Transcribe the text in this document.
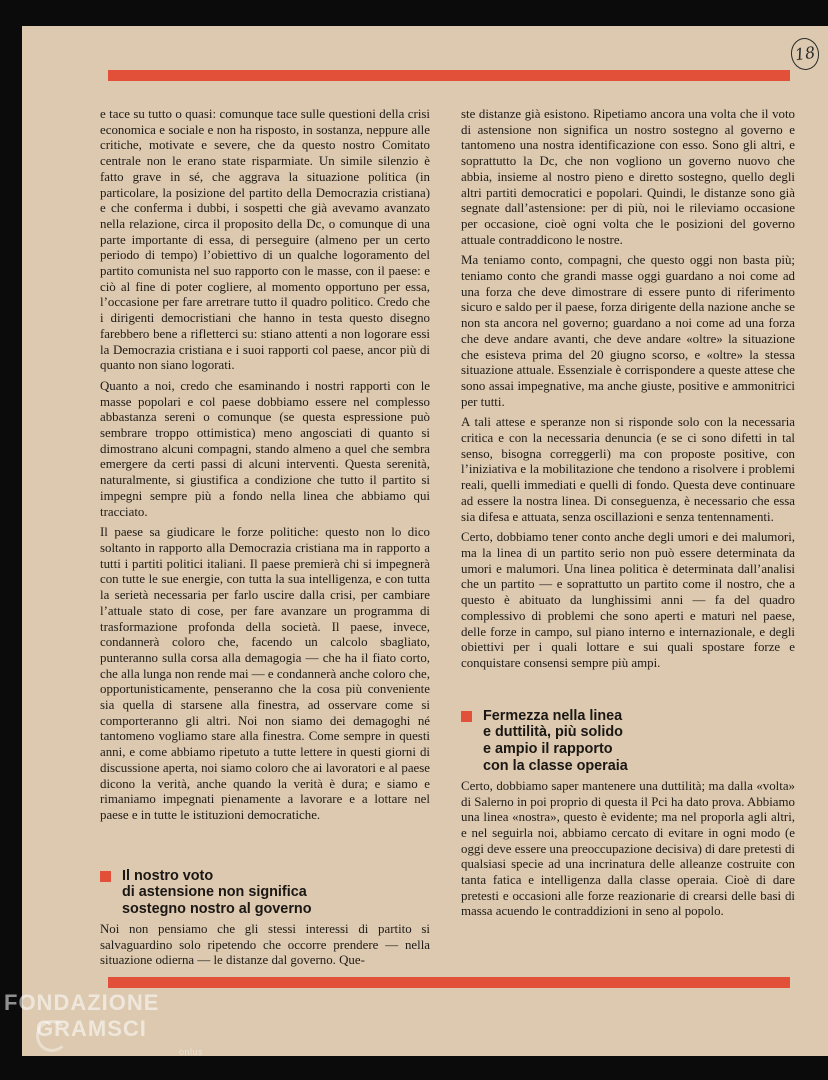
18

e tace su tutto o quasi: comunque tace sulle questioni della crisi economica e sociale e non ha risposto, in sostanza, neppure alle critiche, motivate e severe, che da questo nostro Comitato centrale non le erano state risparmiate. Un simile silenzio è fatto grave in sé, che aggrava la situazione politica (in particolare, la posizione del partito della Democrazia cristiana) e che conferma i dubbi, i sospetti che già avevamo avanzato nella relazione, circa il proposito della Dc, o comunque di una parte importante di essa, di perseguire (almeno per un certo periodo di tempo) l’obiettivo di un qualche logoramento del partito comunista nel suo rapporto con le masse, con il paese: e ciò al fine di poter cogliere, al momento opportuno per essa, l’occasione per fare arretrare tutto il quadro politico. Credo che i dirigenti democristiani che hanno in testa questo disegno farebbero bene a rifletterci su: stiano attenti a non logorare essi la Democrazia cristiana e i suoi rapporti col paese, ancor più di quanto non siano logorati.

Quanto a noi, credo che esaminando i nostri rapporti con le masse popolari e col paese dobbiamo essere nel complesso abbastanza sereni o comunque (se questa espressione può sembrare troppo ottimistica) meno angosciati di quanto si dimostrano alcuni compagni, stando almeno a quel che sembra emergere da certi passi di alcuni interventi. Questa serenità, naturalmente, si giustifica a condizione che tutto il partito si impegni sempre più a fondo nella linea che abbiamo qui tracciato.

Il paese sa giudicare le forze politiche: questo non lo dico soltanto in rapporto alla Democrazia cristiana ma in rapporto a tutti i partiti politici italiani. Il paese premierà chi si impegnerà con tutte le sue energie, con tutta la sua intelligenza, e con tutta la serietà necessaria per farlo uscire dalla crisi, per cambiare l’attuale stato di cose, per fare avanzare un programma di trasformazione profonda della società. Il paese, invece, condannerà coloro che, facendo un calcolo sbagliato, punteranno sulla corsa alla demagogia — che ha il fiato corto, che alla lunga non rende mai — e condannerà anche coloro che, opportunisticamente, penseranno che la cosa più conveniente sia quella di starsene alla finestra, ad osservare come si comporteranno gli altri. Noi non siamo dei demagoghi né tantomeno vogliamo stare alla finestra. Come sempre in questi anni, e come abbiamo ripetuto a tutte lettere in questi giorni di discussione aperta, noi siamo coloro che ai lavoratori e al paese dicono la verità, anche quando la verità è dura; e siamo e rimaniamo impegnati pienamente a lavorare e a lottare nel paese e in tutte le istituzioni democratiche.

Il nostro voto
di astensione non significa
sostegno nostro al governo

Noi non pensiamo che gli stessi interessi di partito si salvaguardino solo ripetendo che occorre prendere — nella situazione odierna — le distanze dal governo. Que-

ste distanze già esistono. Ripetiamo ancora una volta che il voto di astensione non significa un nostro sostegno al governo e tantomeno una nostra identificazione con esso. Sono gli altri, e soprattutto la Dc, che non vogliono un governo nuovo che abbia, insieme al nostro pieno e diretto sostegno, quello degli altri partiti democratici e popolari. Quindi, le distanze sono già segnate dall’astensione: per di più, noi le rileviamo occasione per occasione, cioè ogni volta che le posizioni del governo attuale contraddicono le nostre.

Ma teniamo conto, compagni, che questo oggi non basta più; teniamo conto che grandi masse oggi guardano a noi come ad una forza che deve dimostrare di essere punto di riferimento sicuro e saldo per il paese, forza dirigente della nazione anche se non sta ancora nel governo; guardano a noi come ad una forza che deve andare avanti, che deve andare «oltre» la situazione che esisteva prima del 20 giugno scorso, e «oltre» la stessa situazione attuale. Essenziale è corrispondere a queste attese che sono assai impegnative, ma anche giuste, positive e ammonitrici per tutti.

A tali attese e speranze non si risponde solo con la necessaria critica e con la necessaria denuncia (e se ci sono difetti in tal senso, bisogna correggerli) ma con proposte positive, con l’iniziativa e la mobilitazione che tendono a risolvere i problemi reali, quelli immediati e quelli di fondo. Questa deve continuare ad essere la nostra linea. Di conseguenza, è necessario che essa sia difesa e attuata, senza oscillazioni e senza tentennamenti.

Certo, dobbiamo tener conto anche degli umori e dei malumori, ma la linea di un partito serio non può essere determinata da umori e malumori. Una linea politica è determinata dall’analisi che un partito — e soprattutto un partito come il nostro, che a questo è abituato da lunghissimi anni — fa del quadro complessivo di problemi che sono aperti e maturi nel paese, delle forze in campo, sul piano interno e internazionale, e degli obiettivi per i quali lottare e sui quali spostare forze e conquistare consensi sempre più ampi.

Fermezza nella linea
e duttilità, più solido
e ampio il rapporto
con la classe operaia

Certo, dobbiamo saper mantenere una duttilità; ma dalla «volta» di Salerno in poi proprio di questa il Pci ha dato prova. Abbiamo una linea «nostra», questo è evidente; ma nel proporla agli altri, e nel seguirla noi, abbiamo cercato di evitare in ogni modo (e oggi deve essere una preoccupazione decisiva) di dare pretesti di qualsiasi specie ad una incrinatura delle alleanze costruite con tanta fatica e intelligenza dalla classe operaia. Cioè di dare pretesti e occasioni alle forze reazionarie di crearsi delle basi di massa acuendo le contraddizioni in seno al popolo.

FONDAZIONE
GRAMSCI
onlus
